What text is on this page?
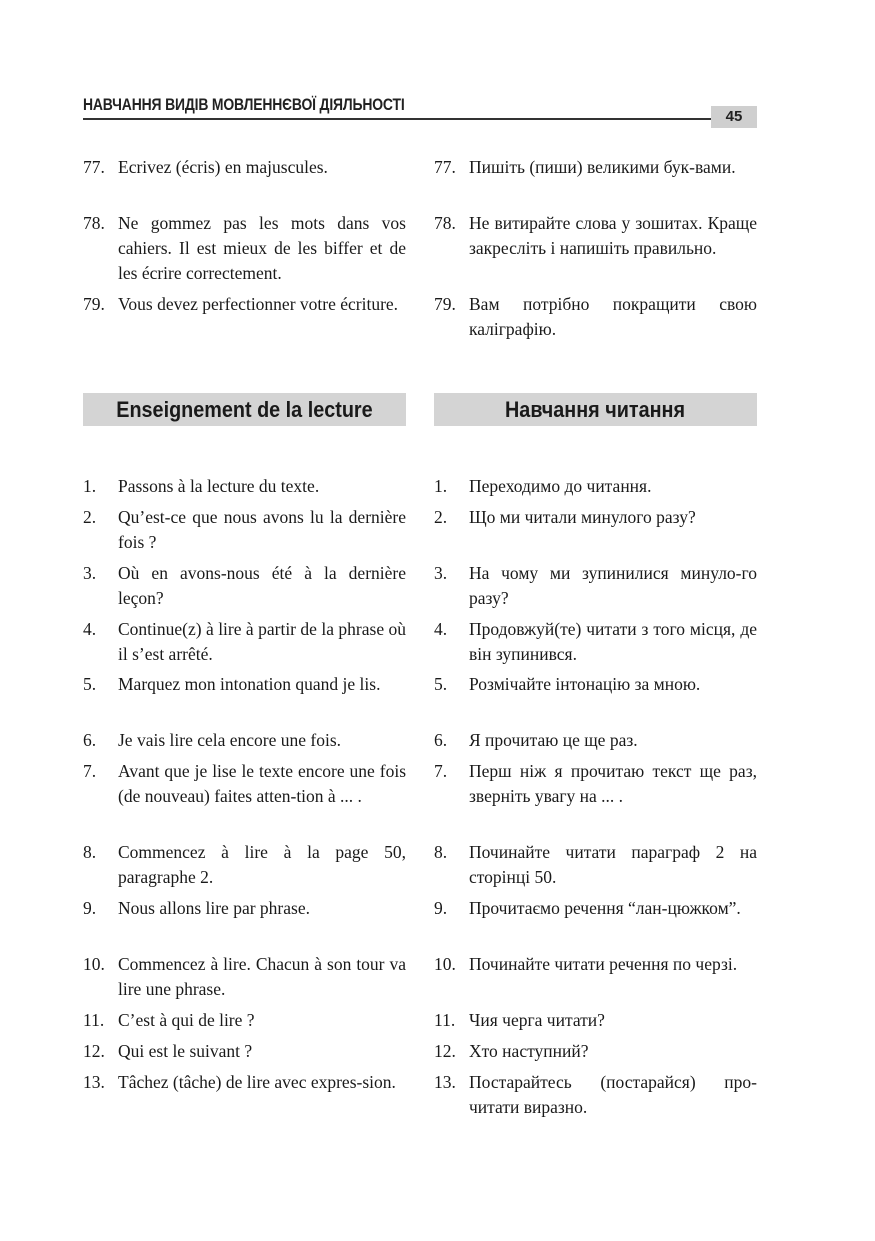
НАВЧАННЯ ВИДІВ МОВЛЕННЄВОЇ ДІЯЛЬНОСТІ
45
77. Ecrivez (écris) en majuscules.	77. Пишіть (пиши) великими бук-вами.
78. Ne gommez pas les mots dans vos cahiers. Il est mieux de les biffer et de les écrire correctement.
78. Не витирайте слова у зошитах. Краще закресліть і напишіть правильно.
79. Vous devez perfectionner votre écriture.	79. Вам потрібно покращити свою каліграфію.
Enseignement de la lecture	Навчання читання
1. Passons à la lecture du texte.	1. Переходимо до читання.
2. Qu’est-ce que nous avons lu la dernière fois ?
2. Що ми читали минулого разу?
3. Où en avons-nous été à la dernière leçon?
3. На чому ми зупинилися минуло-го разу?
4. Continue(z) à lire à partir de la phrase où il s’est arrêté.
4. Продовжуй(те) читати з того місця, де він зупинився.
5. Marquez mon intonation quand je lis.	5. Розмічайте інтонацію за мною.
6. Je vais lire cela encore une fois.	6. Я прочитаю це ще раз.
7. Avant que je lise le texte encore une fois (de nouveau) faites atten-tion à ... .
7. Перш ніж я прочитаю текст ще раз, зверніть увагу на ... .
8. Commencez à lire à la page 50, paragraphe 2.
8. Починайте читати параграф 2 на сторінці 50.
9. Nous allons lire par phrase.	9. Прочитаємо речення “лан-цюжком”.
10. Commencez à lire. Chacun à son tour va lire une phrase.
10. Починайте читати речення по черзі.
11. C’est à qui de lire ?	11. Чия черга читати?
12. Qui est le suivant ?	12. Хто наступний?
13. Tâchez (tâche) de lire avec expres-sion.	13. Постарайтесь (постарайся) про-читати виразно.
